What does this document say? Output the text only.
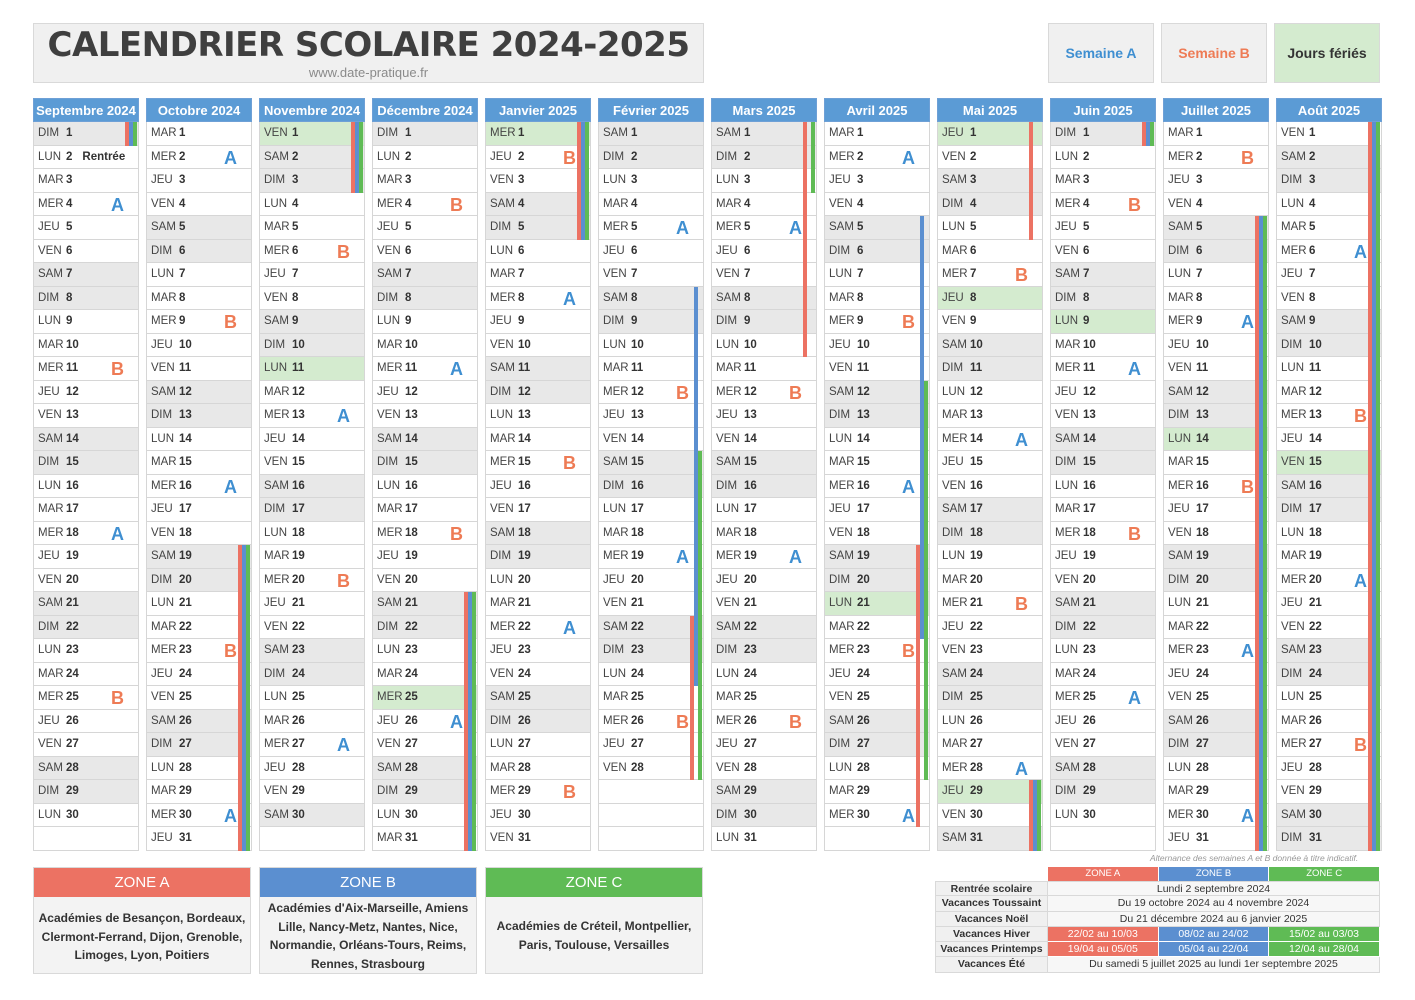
CALENDRIER SCOLAIRE 2024-2025
www.date-pratique.fr
Semaine A	Semaine B	Jours fériés
Septembre 2024
DIM 1
LUN 2 Rentrée
MAR 3
MER 4 A
JEU 5
VEN 6
SAM 7
DIM 8
LUN 9
MAR 10
MER 11 B
JEU 12
VEN 13
SAM 14
DIM 15
LUN 16
MAR 17
MER 18 A
JEU 19
VEN 20
SAM 21
DIM 22
LUN 23
MAR 24
MER 25 B
JEU 26
VEN 27
SAM 28
DIM 29
LUN 30
Octobre 2024
MAR 1
MER 2 A
JEU 3
VEN 4
SAM 5
DIM 6
LUN 7
MAR 8
MER 9 B
JEU 10
VEN 11
SAM 12
DIM 13
LUN 14
MAR 15
MER 16 A
JEU 17
VEN 18
SAM 19
DIM 20
LUN 21
MAR 22
MER 23 B
JEU 24
VEN 25
SAM 26
DIM 27
LUN 28
MAR 29
MER 30 A
JEU 31
Novembre 2024
VEN 1
SAM 2
DIM 3
LUN 4
MAR 5
MER 6 B
JEU 7
VEN 8
SAM 9
DIM 10
LUN 11
MAR 12
MER 13 A
JEU 14
VEN 15
SAM 16
DIM 17
LUN 18
MAR 19
MER 20 B
JEU 21
VEN 22
SAM 23
DIM 24
LUN 25
MAR 26
MER 27 A
JEU 28
VEN 29
SAM 30
Décembre 2024
DIM 1
LUN 2
MAR 3
MER 4 B
JEU 5
VEN 6
SAM 7
DIM 8
LUN 9
MAR 10
MER 11 A
JEU 12
VEN 13
SAM 14
DIM 15
LUN 16
MAR 17
MER 18 B
JEU 19
VEN 20
SAM 21
DIM 22
LUN 23
MAR 24
MER 25
JEU 26 A
VEN 27
SAM 28
DIM 29
LUN 30
MAR 31
Janvier 2025
MER 1
JEU 2 B
VEN 3
SAM 4
DIM 5
LUN 6
MAR 7
MER 8 A
JEU 9
VEN 10
SAM 11
DIM 12
LUN 13
MAR 14
MER 15 B
JEU 16
VEN 17
SAM 18
DIM 19
LUN 20
MAR 21
MER 22 A
JEU 23
VEN 24
SAM 25
DIM 26
LUN 27
MAR 28
MER 29 B
JEU 30
VEN 31
Février 2025
SAM 1
DIM 2
LUN 3
MAR 4
MER 5 A
JEU 6
VEN 7
SAM 8
DIM 9
LUN 10
MAR 11
MER 12 B
JEU 13
VEN 14
SAM 15
DIM 16
LUN 17
MAR 18
MER 19 A
JEU 20
VEN 21
SAM 22
DIM 23
LUN 24
MAR 25
MER 26 B
JEU 27
VEN 28
Mars 2025
SAM 1
DIM 2
LUN 3
MAR 4
MER 5 A
JEU 6
VEN 7
SAM 8
DIM 9
LUN 10
MAR 11
MER 12 B
JEU 13
VEN 14
SAM 15
DIM 16
LUN 17
MAR 18
MER 19 A
JEU 20
VEN 21
SAM 22
DIM 23
LUN 24
MAR 25
MER 26 B
JEU 27
VEN 28
SAM 29
DIM 30
LUN 31
Avril 2025
MAR 1
MER 2 A
JEU 3
VEN 4
SAM 5
DIM 6
LUN 7
MAR 8
MER 9 B
JEU 10
VEN 11
SAM 12
DIM 13
LUN 14
MAR 15
MER 16 A
JEU 17
VEN 18
SAM 19
DIM 20
LUN 21
MAR 22
MER 23 B
JEU 24
VEN 25
SAM 26
DIM 27
LUN 28
MAR 29
MER 30 A
Mai 2025
JEU 1
VEN 2
SAM 3
DIM 4
LUN 5
MAR 6
MER 7 B
JEU 8
VEN 9
SAM 10
DIM 11
LUN 12
MAR 13
MER 14 A
JEU 15
VEN 16
SAM 17
DIM 18
LUN 19
MAR 20
MER 21 B
JEU 22
VEN 23
SAM 24
DIM 25
LUN 26
MAR 27
MER 28 A
JEU 29
VEN 30
SAM 31
Juin 2025
DIM 1
LUN 2
MAR 3
MER 4 B
JEU 5
VEN 6
SAM 7
DIM 8
LUN 9
MAR 10
MER 11 A
JEU 12
VEN 13
SAM 14
DIM 15
LUN 16
MAR 17
MER 18 B
JEU 19
VEN 20
SAM 21
DIM 22
LUN 23
MAR 24
MER 25 A
JEU 26
VEN 27
SAM 28
DIM 29
LUN 30
Juillet 2025
MAR 1
MER 2 B
JEU 3
VEN 4
SAM 5
DIM 6
LUN 7
MAR 8
MER 9 A
JEU 10
VEN 11
SAM 12
DIM 13
LUN 14
MAR 15
MER 16 B
JEU 17
VEN 18
SAM 19
DIM 20
LUN 21
MAR 22
MER 23 A
JEU 24
VEN 25
SAM 26
DIM 27
LUN 28
MAR 29
MER 30 A
JEU 31
Août 2025
VEN 1
SAM 2
DIM 3
LUN 4
MAR 5
MER 6 A
JEU 7
VEN 8
SAM 9
DIM 10
LUN 11
MAR 12
MER 13 B
JEU 14
VEN 15
SAM 16
DIM 17
LUN 18
MAR 19
MER 20 A
JEU 21
VEN 22
SAM 23
DIM 24
LUN 25
MAR 26
MER 27 B
JEU 28
VEN 29
SAM 30
DIM 31
ZONE A
Académies de Besançon, Bordeaux, Clermont-Ferrand, Dijon, Grenoble, Limoges, Lyon, Poitiers
ZONE B
Académies d'Aix-Marseille, Amiens Lille, Nancy-Metz, Nantes, Nice, Normandie, Orléans-Tours, Reims, Rennes, Strasbourg
ZONE C
Académies de Créteil, Montpellier, Paris, Toulouse, Versailles
Alternance des semaines A et B donnée à titre indicatif.
ZONE A	ZONE B	ZONE C
Rentrée scolaire	Lundi 2 septembre 2024
Vacances Toussaint	Du 19 octobre 2024 au 4 novembre 2024
Vacances Noël	Du 21 décembre 2024 au 6 janvier 2025
Vacances Hiver	22/02 au 10/03	08/02 au 24/02	15/02 au 03/03
Vacances Printemps	19/04 au 05/05	05/04 au 22/04	12/04 au 28/04
Vacances Été	Du samedi 5 juillet 2025 au lundi 1er septembre 2025
